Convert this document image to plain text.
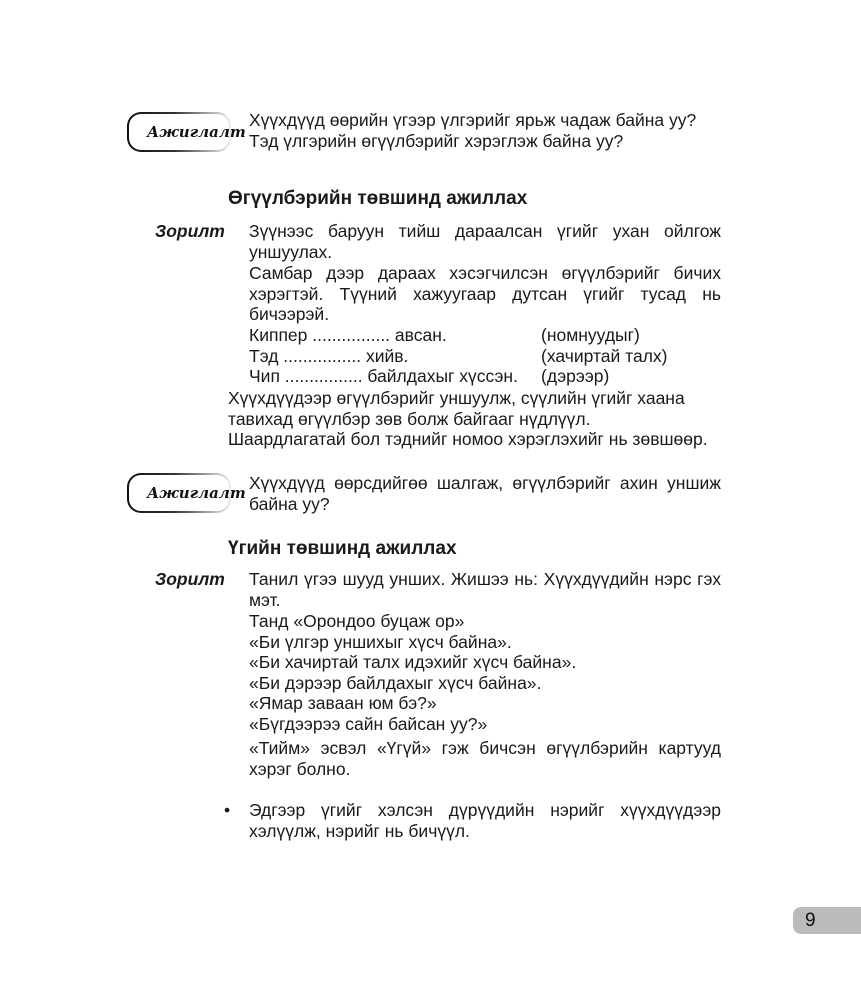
Ажиглалт
Хүүхдүүд өөрийн үгээр үлгэрийг ярьж чадаж байна уу?
Тэд үлгэрийн өгүүлбэрийг хэрэглэж байна уу?
Өгүүлбэрийн төвшинд ажиллах
Зорилт Зүүнээс баруун тийш дараалсан үгийг ухан ойлгож уншуулах.
Самбар дээр дараах хэсэгчилсэн өгүүлбэрийг бичих хэрэгтэй. Түүний хажуугаар дутсан үгийг тусад нь бичээрэй.
Киппер ................ авсан.	(номнуудыг)
Тэд ................ хийв.	(хачиртай талх)
Чип ................ байлдахыг хүссэн.	(дэрээр)
Хүүхдүүдээр өгүүлбэрийг уншуулж, сүүлийн үгийг хаана
тавихад өгүүлбэр зөв болж байгааг нүдлүүл.
Шаардлагатай бол тэднийг номоо хэрэглэхийг нь зөвшөөр.
Ажиглалт Хүүхдүүд өөрсдийгөө шалгаж, өгүүлбэрийг ахин уншиж байна уу?
Үгийн төвшинд ажиллах
Зорилт Танил үгээ шууд унших. Жишээ нь: Хүүхдүүдийн нэрс гэх мэт.
Танд «Орондоо буцаж ор»
«Би үлгэр уншихыг хүсч байна».
«Би хачиртай талх идэхийг хүсч байна».
«Би дэрээр байлдахыг хүсч байна».
«Ямар заваан юм бэ?»
«Бүгдээрээ сайн байсан уу?»
«Тийм» эсвэл «Үгүй» гэж бичсэн өгүүлбэрийн картууд хэрэг болно.
• Эдгээр үгийг хэлсэн дүрүүдийн нэрийг хүүхдүүдээр хэлүүлж, нэрийг нь бичүүл.
9
